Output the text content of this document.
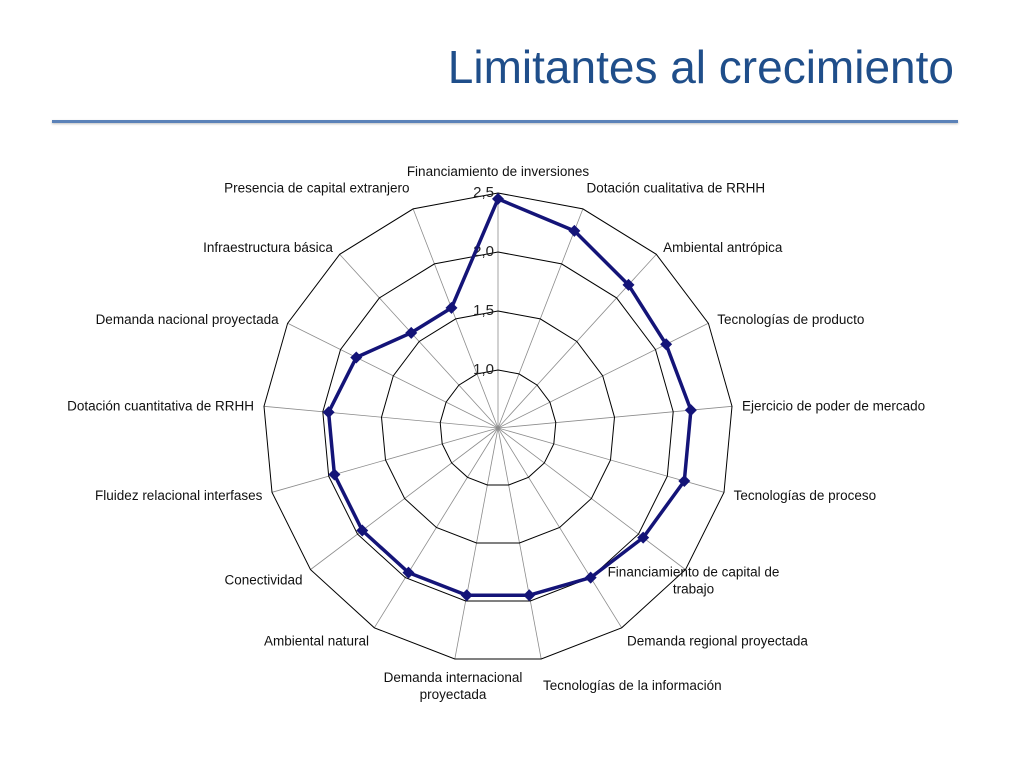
Limitantes al crecimiento
1,0
1,5
2,0
2,5
Financiamiento de inversiones
Dotación cualitativa de RRHH
Ambiental antrópica
Tecnologías de producto
Ejercicio de poder de mercado
Tecnologías de proceso
Financiamiento de capital de trabajo
Demanda regional proyectada
Tecnologías de la información
Demanda internacional proyectada
Ambiental natural
Conectividad
Fluidez relacional interfases
Dotación cuantitativa de RRHH
Demanda nacional proyectada
Infraestructura básica
Presencia de capital extranjero
